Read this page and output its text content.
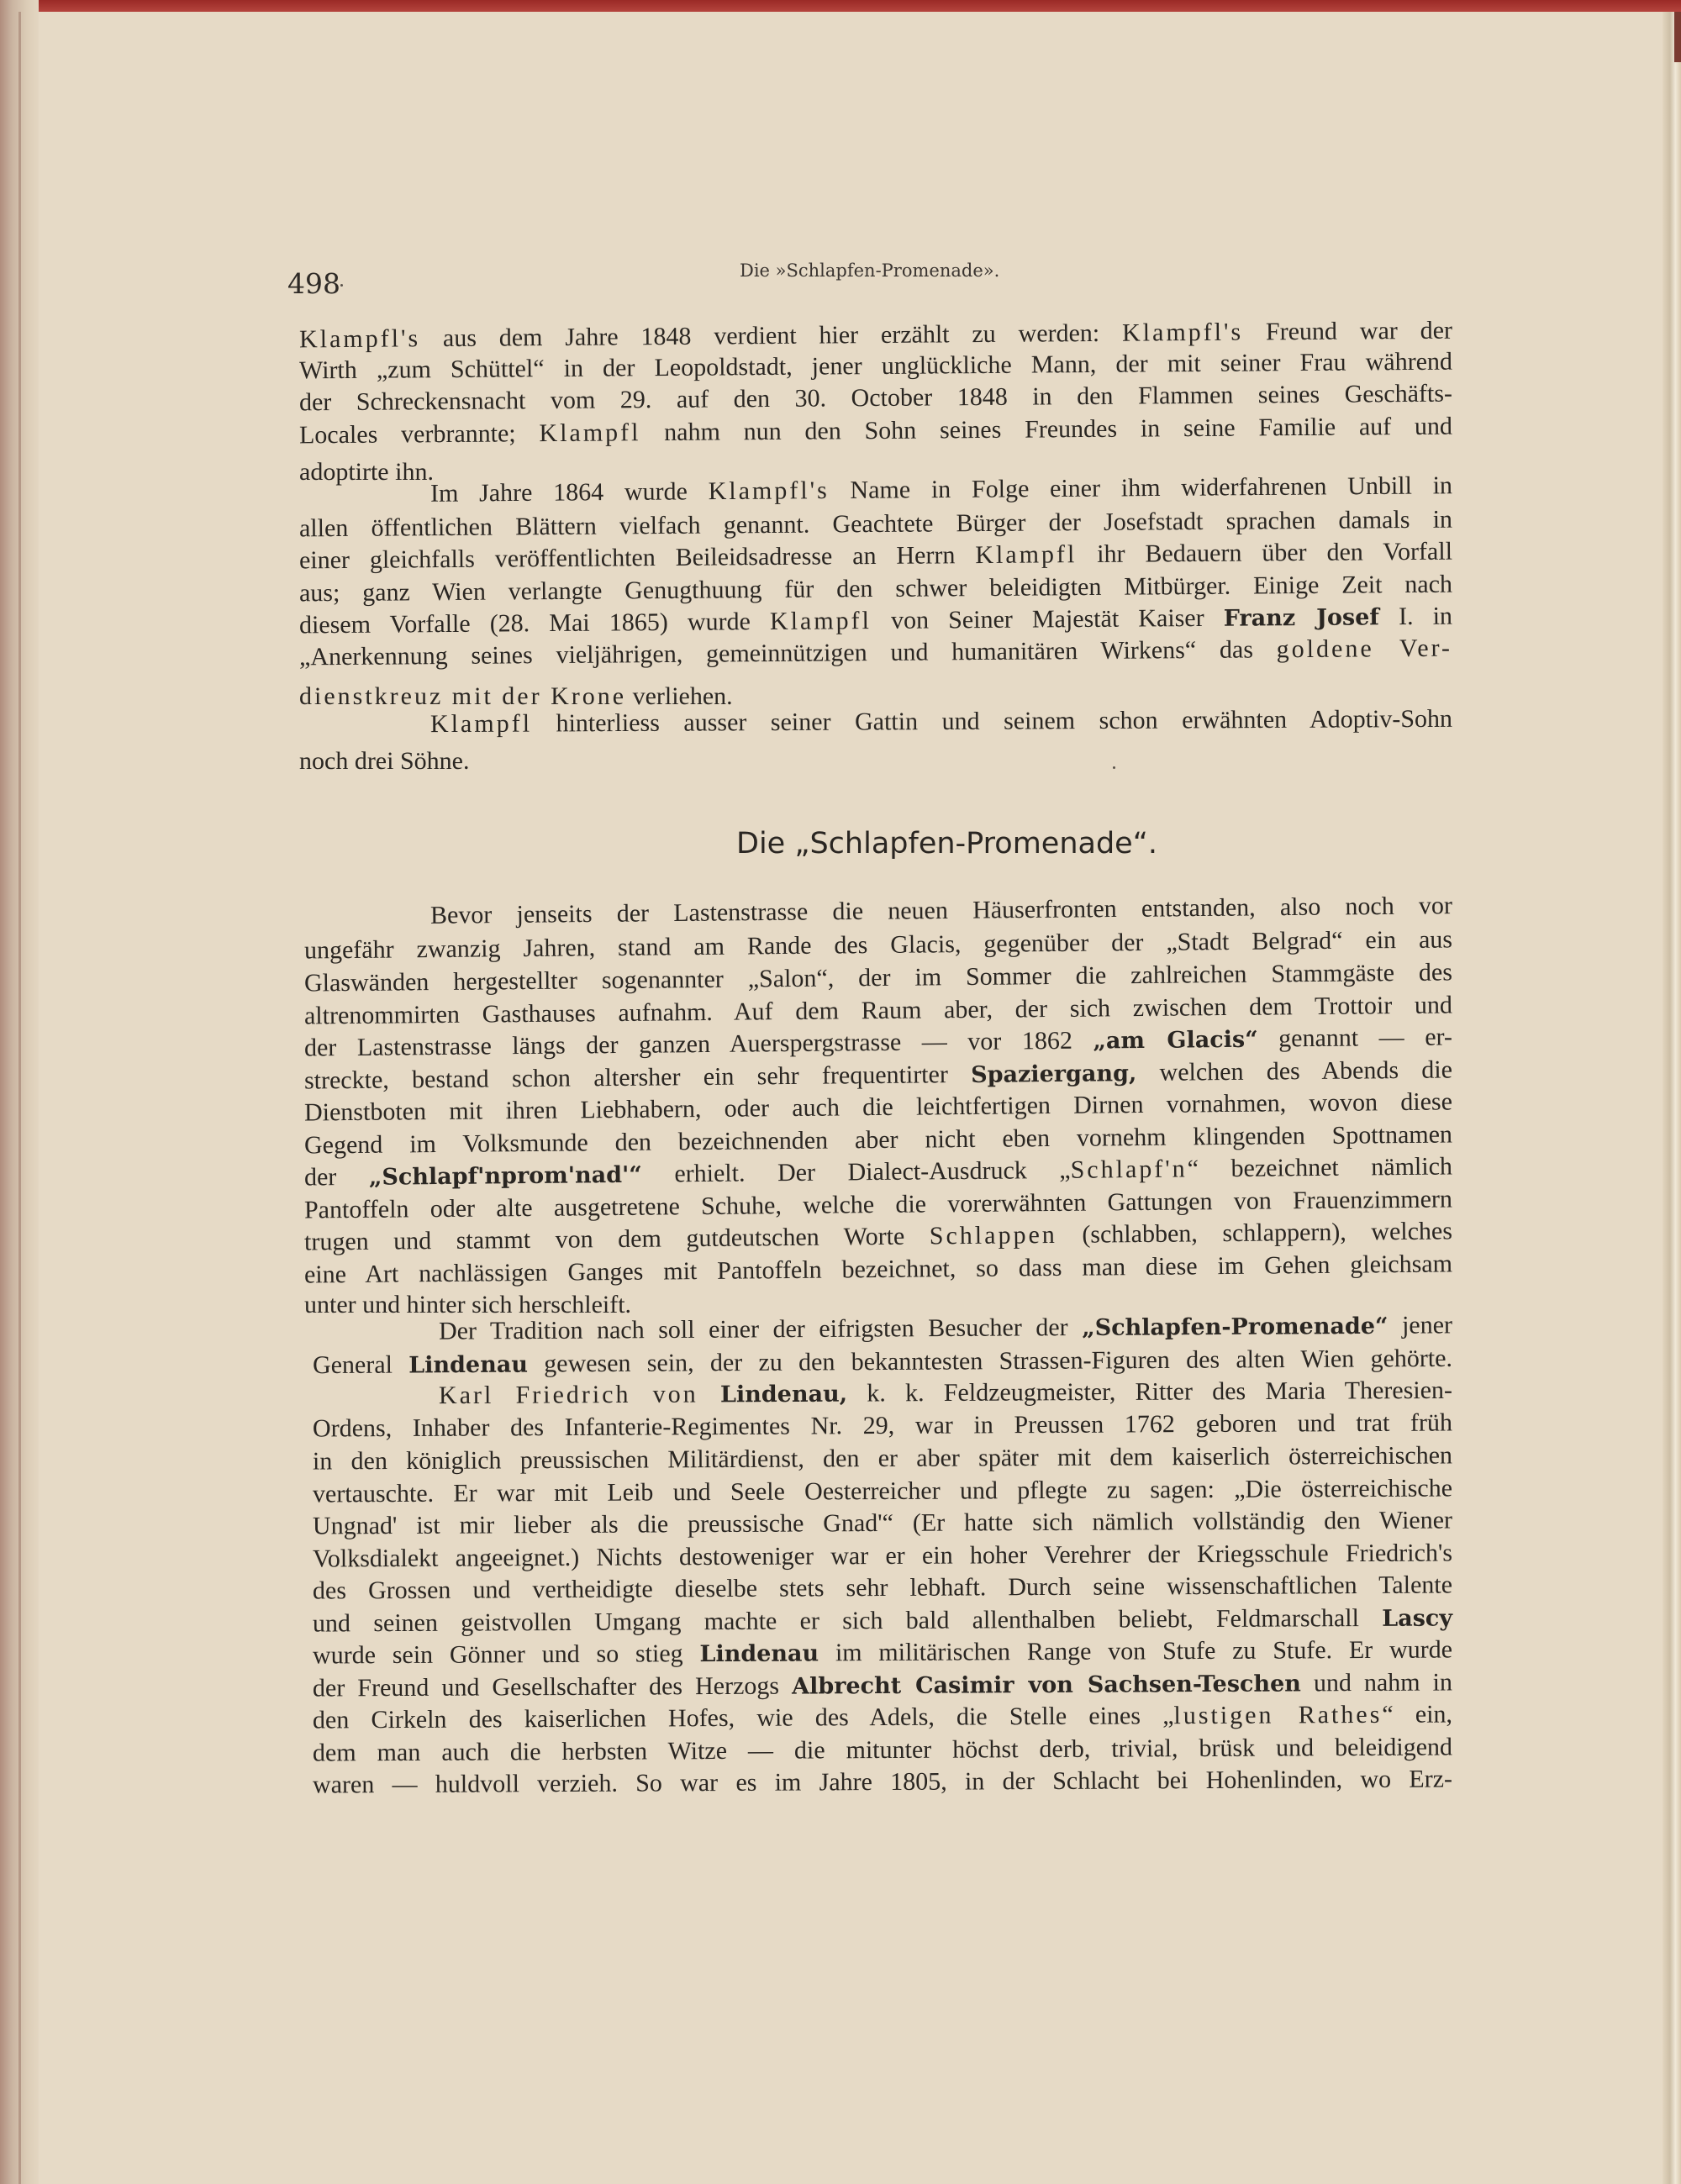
498	Die »Schlapfen-Promenade».
Klampfl's aus dem Jahre 1848 verdient hier erzählt zu werden: Klampfl's Freund war der
Wirth „zum Schüttel“ in der Leopoldstadt, jener unglückliche Mann, der mit seiner Frau während
der Schreckensnacht vom 29. auf den 30. October 1848 in den Flammen seines Geschäfts-
Locales verbrannte; Klampfl nahm nun den Sohn seines Freundes in seine Familie auf und
adoptirte ihn.
Im Jahre 1864 wurde Klampfl's Name in Folge einer ihm widerfahrenen Unbill in
allen öffentlichen Blättern vielfach genannt. Geachtete Bürger der Josefstadt sprachen damals in
einer gleichfalls veröffentlichten Beileidsadresse an Herrn Klampfl ihr Bedauern über den Vorfall
aus; ganz Wien verlangte Genugthuung für den schwer beleidigten Mitbürger. Einige Zeit nach
diesem Vorfalle (28. Mai 1865) wurde Klampfl von Seiner Majestät Kaiser Franz Josef I. in
„Anerkennung seines vieljährigen, gemeinnützigen und humanitären Wirkens“ das goldene Ver-
dienstkreuz mit der Krone verliehen.
Klampfl hinterliess ausser seiner Gattin und seinem schon erwähnten Adoptiv-Sohn
noch drei Söhne.
Die „Schlapfen-Promenade“.
Bevor jenseits der Lastenstrasse die neuen Häuserfronten entstanden, also noch vor
ungefähr zwanzig Jahren, stand am Rande des Glacis, gegenüber der „Stadt Belgrad“ ein aus
Glaswänden hergestellter sogenannter „Salon“, der im Sommer die zahlreichen Stammgäste des
altrenommirten Gasthauses aufnahm. Auf dem Raum aber, der sich zwischen dem Trottoir und
der Lastenstrasse längs der ganzen Auerspergstrasse — vor 1862 „am Glacis“ genannt — er-
streckte, bestand schon altersher ein sehr frequentirter Spaziergang, welchen des Abends die
Dienstboten mit ihren Liebhabern, oder auch die leichtfertigen Dirnen vornahmen, wovon diese
Gegend im Volksmunde den bezeichnenden aber nicht eben vornehm klingenden Spottnamen
der „Schlapf'nprom'nad'“ erhielt. Der Dialect-Ausdruck „Schlapf'n“ bezeichnet nämlich
Pantoffeln oder alte ausgetretene Schuhe, welche die vorerwähnten Gattungen von Frauenzimmern
trugen und stammt von dem gutdeutschen Worte Schlappen (schlabben, schlappern), welches
eine Art nachlässigen Ganges mit Pantoffeln bezeichnet, so dass man diese im Gehen gleichsam
unter und hinter sich herschleift.
Der Tradition nach soll einer der eifrigsten Besucher der „Schlapfen-Promenade“ jener
General Lindenau gewesen sein, der zu den bekanntesten Strassen-Figuren des alten Wien gehörte.
Karl Friedrich von Lindenau, k. k. Feldzeugmeister, Ritter des Maria Theresien-
Ordens, Inhaber des Infanterie-Regimentes Nr. 29, war in Preussen 1762 geboren und trat früh
in den königlich preussischen Militärdienst, den er aber später mit dem kaiserlich österreichischen
vertauschte. Er war mit Leib und Seele Oesterreicher und pflegte zu sagen: „Die österreichische
Ungnad' ist mir lieber als die preussische Gnad'“ (Er hatte sich nämlich vollständig den Wiener
Volksdialekt angeeignet.) Nichts destoweniger war er ein hoher Verehrer der Kriegsschule Friedrich's
des Grossen und vertheidigte dieselbe stets sehr lebhaft. Durch seine wissenschaftlichen Talente
und seinen geistvollen Umgang machte er sich bald allenthalben beliebt, Feldmarschall Lascy
wurde sein Gönner und so stieg Lindenau im militärischen Range von Stufe zu Stufe. Er wurde
der Freund und Gesellschafter des Herzogs Albrecht Casimir von Sachsen-Teschen und nahm in
den Cirkeln des kaiserlichen Hofes, wie des Adels, die Stelle eines „lustigen Rathes“ ein,
dem man auch die herbsten Witze — die mitunter höchst derb, trivial, brüsk und beleidigend
waren — huldvoll verzieh. So war es im Jahre 1805, in der Schlacht bei Hohenlinden, wo Erz-
